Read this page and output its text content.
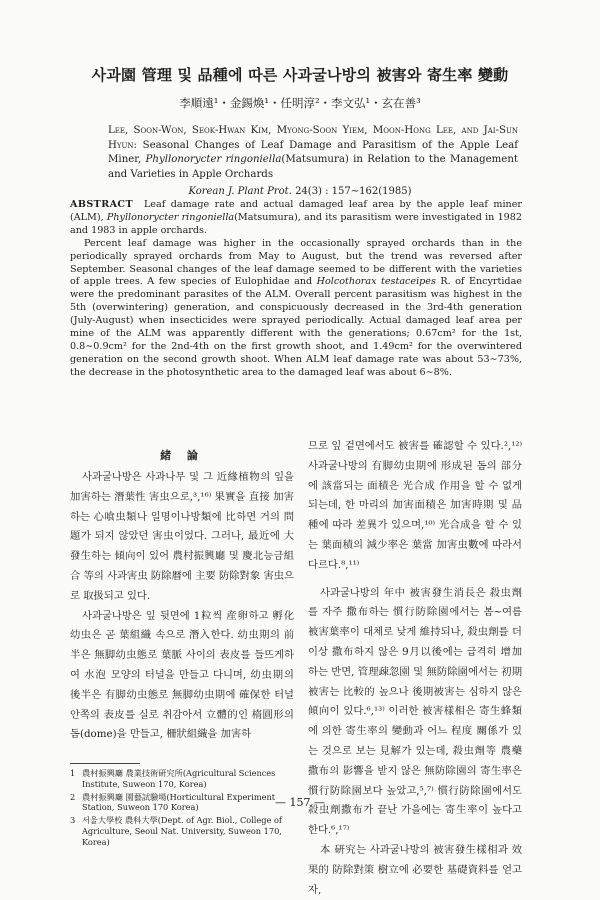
사과園 管理 및 品種에 따른 사과굴나방의 被害와 寄生率 變動
李順遠¹・金錫煥¹・任明淳²・李文弘¹・玄在善³
Lee, Soon-Won, Seok-Hwan Kim, Myong-Soon Yiem, Moon-Hong Lee, and Jai-Sun Hyun: Seasonal Changes of Leaf Damage and Parasitism of the Apple Leaf Miner, Phyllonorycter ringoniella(Matsumura) in Relation to the Management and Varieties in Apple Orchards
Korean J. Plant Prot. 24(3) : 157∼162(1985)

ABSTRACT Leaf damage rate and actual damaged leaf area by the apple leaf miner (ALM), Phyllonorycter ringoniella(Matsumura), and its parasitism were investigated in 1982 and 1983 in apple orchards.

Percent leaf damage was higher in the occasionally sprayed orchards than in the periodically sprayed orchards from May to August, but the trend was reversed after September. Seasonal changes of the leaf damage seemed to be different with the varieties of apple trees. A few species of Eulophidae and Holcothorax testaceipes R. of Encyrtidae were the predominant parasites of the ALM. Overall percent parasitism was highest in the 5th (overwintering) generation, and conspicuously decreased in the 3rd-4th generation (July-August) when insecticides were sprayed periodically. Actual damaged leaf area per mine of the ALM was apparently different with the generations; 0.67cm² for the 1st, 0.8∼0.9cm² for the 2nd-4th on the first growth shoot, and 1.49cm² for the overwintered generation on the second growth shoot. When ALM leaf damage rate was about 53∼73%, the decrease in the photosynthetic area to the damaged leaf was about 6∼8%.

緒 論

사과굴나방은 사과나무 및 그 近緣植物의 잎을 加害하는 潛葉性 害虫으로,³,¹⁶⁾ 果實을 直接 加害하는 心喰虫類나 일명이나방類에 比하면 거의 問題가 되지 않았던 害虫이었다. 그러나, 最近에 大發生하는 傾向이 있어 農村振興廳 및 慶北능금組合 等의 사과害虫 防除暦에 主要 防除對象 害虫으로 取扱되고 있다.

사과굴나방은 잎 뒷면에 1粒씩 産卵하고 孵化幼虫은 곧 葉組織 속으로 潛入한다. 幼虫期의 前半은 無脚幼虫態로 葉脈 사이의 表皮를 들뜨게하여 水泡 모양의 터널을 만들고 다니며, 幼虫期의 後半은 有脚幼虫態로 無脚幼虫期에 確保한 터널 안쪽의 表皮를 실로 취감아서 立體的인 楕圓形의 돔(dome)을 만들고, 柵狀組織을 加害하

므로 잎 겉면에서도 被害를 確認할 수 있다.²,¹²⁾ 사과굴나방의 有脚幼虫期에 形成된 돔의 部分에 該當되는 面積은 光合成 作用을 할 수 없게 되는데, 한 마리의 加害面積은 加害時期 및 品種에 따라 差異가 있으며,¹⁰⁾ 光合成을 할 수 있는 葉面積의 減少率은 葉當 加害虫數에 따라서 다르다.⁸,¹¹⁾

사과굴나방의 年中 被害發生消長은 殺虫劑를 자주 撒布하는 慣行防除園에서는 봄~여름 被害葉率이 대체로 낮게 維持되나, 殺虫劑를 더 이상 撒布하지 않은 9月以後에는 급격히 增加하는 반면, 管理疎忽園 및 無防除園에서는 初期被害는 比較的 높으나 後期被害는 심하지 않은 傾向이 있다.⁶,¹³⁾ 이러한 被害樣相은 寄生蜂類에 의한 寄生率의 變動과 어느 程度 關係가 있는 것으로 보는 見解가 있는데, 殺虫劑等 農藥撒布의 影響을 받지 않은 無防除園의 寄生率은 慣行防除園보다 높았고,⁵,⁷⁾ 慣行防除園에서도 殺虫劑撒布가 끝난 가을에는 寄生率이 높다고 한다.⁶,¹⁷⁾

本 硏究는 사과굴나방의 被害發生樣相과 效果的 防除對策 樹立에 必要한 基礎資料를 얻고자,

1 農村振興廳 農業技術硏究所(Agricultural Sciences Institute, Suweon 170, Korea)
2 農村振興廳 園藝試驗場(Horticultural Experiment Station, Suweon 170 Korea)
3 서울大學校 農科大學(Dept. of Agr. Biol., College of Agriculture, Seoul Nat. University, Suweon 170, Korea)
— 157 —
